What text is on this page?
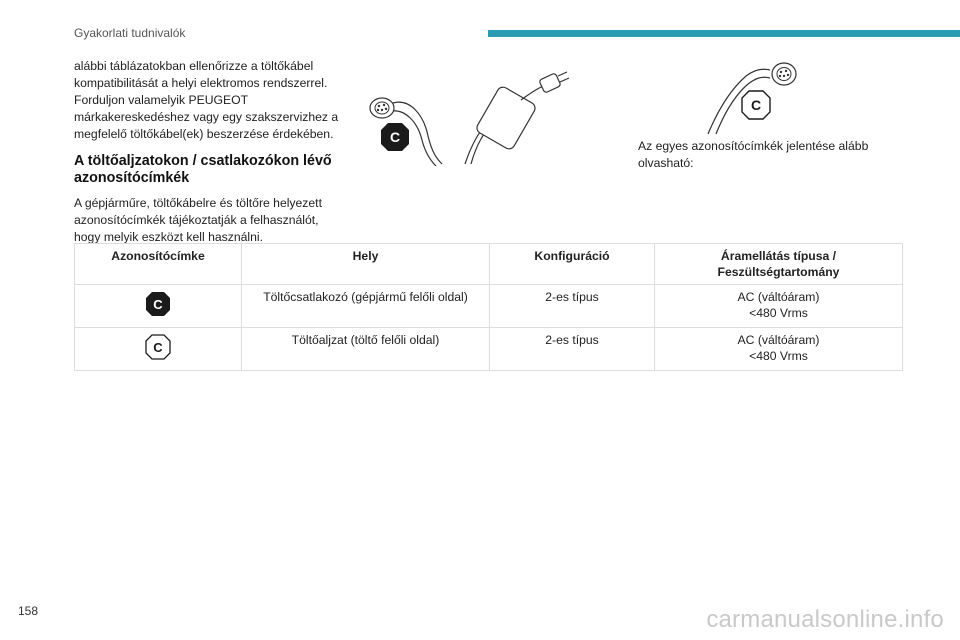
Gyakorlati tudnivalók

alábbi táblázatokban ellenőrizze a töltőkábel kompatibilitását a helyi elektromos rendszerrel. Forduljon valamelyik PEUGEOT márkakereskedéshez vagy egy szakszervizhez a megfelelő töltőkábel(ek) beszerzése érdekében.

A töltőaljzatokon / csatlakozókon lévő

azonosítócímkék

A gépjárműre, töltőkábelre és töltőre helyezett azonosítócímkék tájékoztatják a felhasználót, hogy melyik eszközt kell használni.

C
C
Az egyes azonosítócímkék jelentése alább olvasható:
Azonosítócímke	Hely	Konfiguráció	Áramellátás típusa / Feszültségtartomány

C	Töltőcsatlakozó (gépjármű felőli oldal)	2-es típus	AC (váltóáram)
<480 Vrms

C	Töltőaljzat (töltő felőli oldal)	2-es típus	AC (váltóáram)
<480 Vrms
158	carmanualsonline.info
